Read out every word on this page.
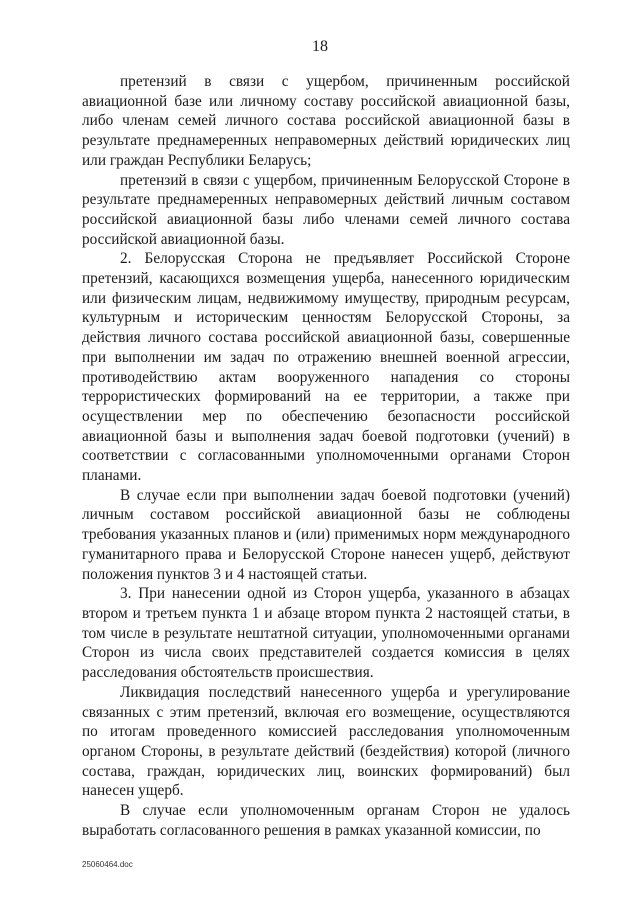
18

претензий в связи с ущербом, причиненным российской авиационной базе или личному составу российской авиационной базы, либо членам семей личного состава российской авиационной базы в результате преднамеренных неправомерных действий юридических лиц или граждан Республики Беларусь;

претензий в связи с ущербом, причиненным Белорусской Стороне в результате преднамеренных неправомерных действий личным составом российской авиационной базы либо членами семей личного состава российской авиационной базы.

2. Белорусская Сторона не предъявляет Российской Стороне претензий, касающихся возмещения ущерба, нанесенного юридическим или физическим лицам, недвижимому имуществу, природным ресурсам, культурным и историческим ценностям Белорусской Стороны, за действия личного состава российской авиационной базы, совершенные при выполнении им задач по отражению внешней военной агрессии, противодействию актам вооруженного нападения со стороны террористических формирований на ее территории, а также при осуществлении мер по обеспечению безопасности российской авиационной базы и выполнения задач боевой подготовки (учений) в соответствии с согласованными уполномоченными органами Сторон планами.

В случае если при выполнении задач боевой подготовки (учений) личным составом российской авиационной базы не соблюдены требования указанных планов и (или) применимых норм международного гуманитарного права и Белорусской Стороне нанесен ущерб, действуют положения пунктов 3 и 4 настоящей статьи.

3. При нанесении одной из Сторон ущерба, указанного в абзацах втором и третьем пункта 1 и абзаце втором пункта 2 настоящей статьи, в том числе в результате нештатной ситуации, уполномоченными органами Сторон из числа своих представителей создается комиссия в целях расследования обстоятельств происшествия.

Ликвидация последствий нанесенного ущерба и урегулирование связанных с этим претензий, включая его возмещение, осуществляются по итогам проведенного комиссией расследования уполномоченным органом Стороны, в результате действий (бездействия) которой (личного состава, граждан, юридических лиц, воинских формирований) был нанесен ущерб.

В случае если уполномоченным органам Сторон не удалось выработать согласованного решения в рамках указанной комиссии, по

25060464.doc
